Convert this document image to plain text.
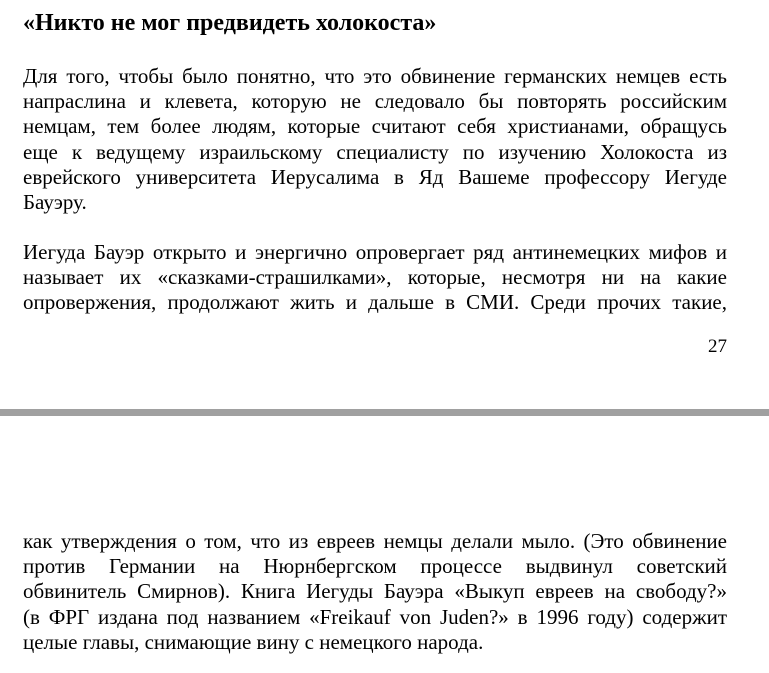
«Никто не мог предвидеть холокоста»

Для того, чтобы было понятно, что это обвинение германских немцев есть
напраслина и клевета, которую не следовало бы повторять российским
немцам, тем более людям, которые считают себя христианами, обращусь
еще к ведущему израильскому специалисту по изучению Холокоста из
еврейского университета Иерусалима в Яд Вашеме профессору Иегуде
Бауэру.

Иегуда Бауэр открыто и энергично опровергает ряд антинемецких мифов и
называет их «сказками-страшилками», которые, несмотря ни на какие
опровержения, продолжают жить и дальше в СМИ. Среди прочих такие,

27

как утверждения о том, что из евреев немцы делали мыло. (Это обвинение
против Германии на Нюрнбергском процессе выдвинул советский
обвинитель Смирнов). Книга Иегуды Бауэра «Выкуп евреев на свободу?»
(в ФРГ издана под названием «Freikauf von Juden?» в 1996 году) содержит
целые главы, снимающие вину с немецкого народа.
